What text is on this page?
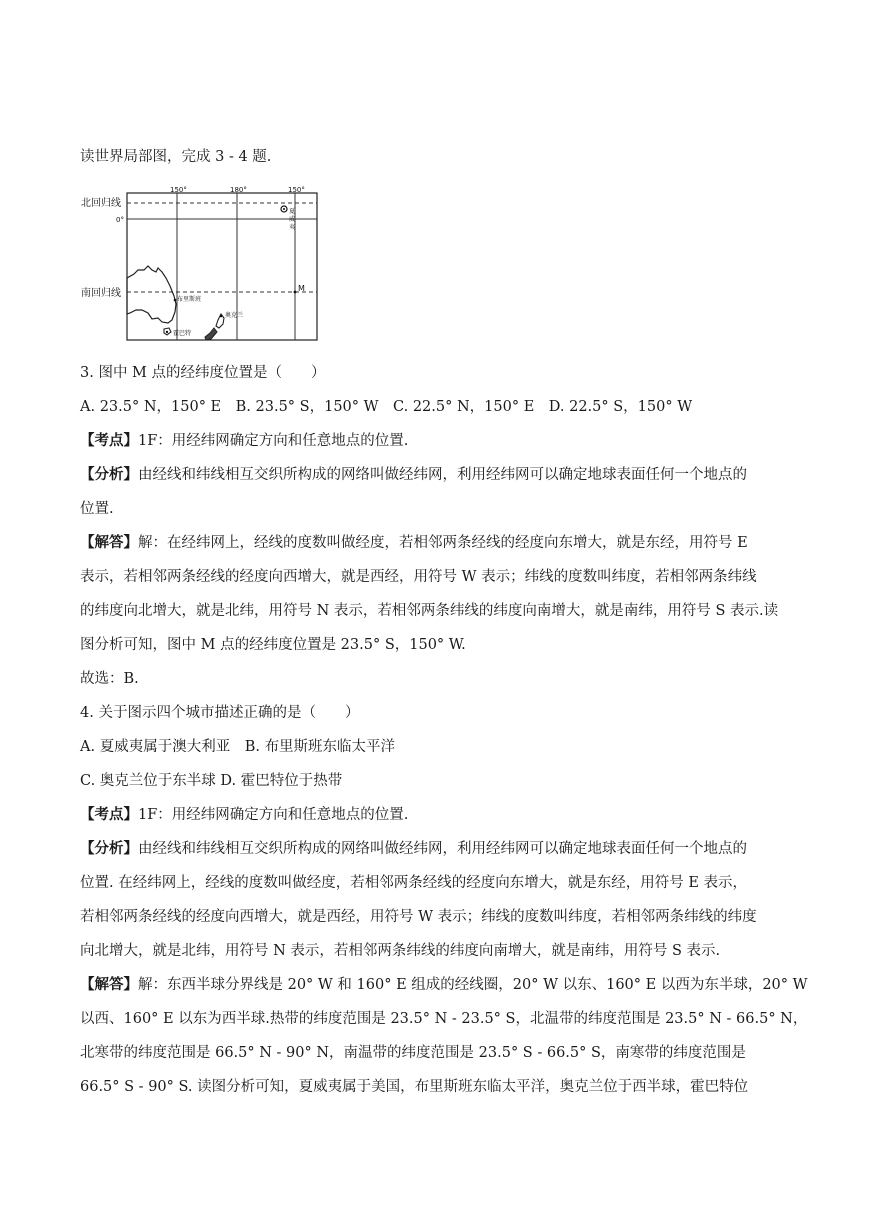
读世界局部图，完成 3 - 4 题.
150°	180°	150°
北回归线
0°
南回归线
夏
威
夷
M
布里斯班
奥克兰
霍巴特
3. 图中 M 点的经纬度位置是（　　）
A. 23.5° N，150° E　B. 23.5° S，150° W　C. 22.5° N，150° E　D. 22.5° S，150° W
【考点】1F：用经纬网确定方向和任意地点的位置.
【分析】由经线和纬线相互交织所构成的网络叫做经纬网，利用经纬网可以确定地球表面任何一个地点的
位置.
【解答】解：在经纬网上，经线的度数叫做经度，若相邻两条经线的经度向东增大，就是东经，用符号 E
表示，若相邻两条经线的经度向西增大，就是西经，用符号 W 表示；纬线的度数叫纬度，若相邻两条纬线
的纬度向北增大，就是北纬，用符号 N 表示，若相邻两条纬线的纬度向南增大，就是南纬，用符号 S 表示.读
图分析可知，图中 M 点的经纬度位置是 23.5° S，150° W.
故选：B.
4. 关于图示四个城市描述正确的是（　　）
A. 夏威夷属于澳大利亚　B. 布里斯班东临太平洋
C. 奥克兰位于东半球 D. 霍巴特位于热带
【考点】1F：用经纬网确定方向和任意地点的位置.
【分析】由经线和纬线相互交织所构成的网络叫做经纬网，利用经纬网可以确定地球表面任何一个地点的
位置. 在经纬网上，经线的度数叫做经度，若相邻两条经线的经度向东增大，就是东经，用符号 E 表示，
若相邻两条经线的经度向西增大，就是西经，用符号 W 表示；纬线的度数叫纬度，若相邻两条纬线的纬度
向北增大，就是北纬，用符号 N 表示，若相邻两条纬线的纬度向南增大，就是南纬，用符号 S 表示.
【解答】解：东西半球分界线是 20° W 和 160° E 组成的经线圈，20° W 以东、160° E 以西为东半球，20° W
以西、160° E 以东为西半球.热带的纬度范围是 23.5° N - 23.5° S，北温带的纬度范围是 23.5° N - 66.5° N，
北寒带的纬度范围是 66.5° N - 90° N，南温带的纬度范围是 23.5° S - 66.5° S，南寒带的纬度范围是
66.5° S - 90° S. 读图分析可知，夏威夷属于美国，布里斯班东临太平洋，奥克兰位于西半球，霍巴特位
